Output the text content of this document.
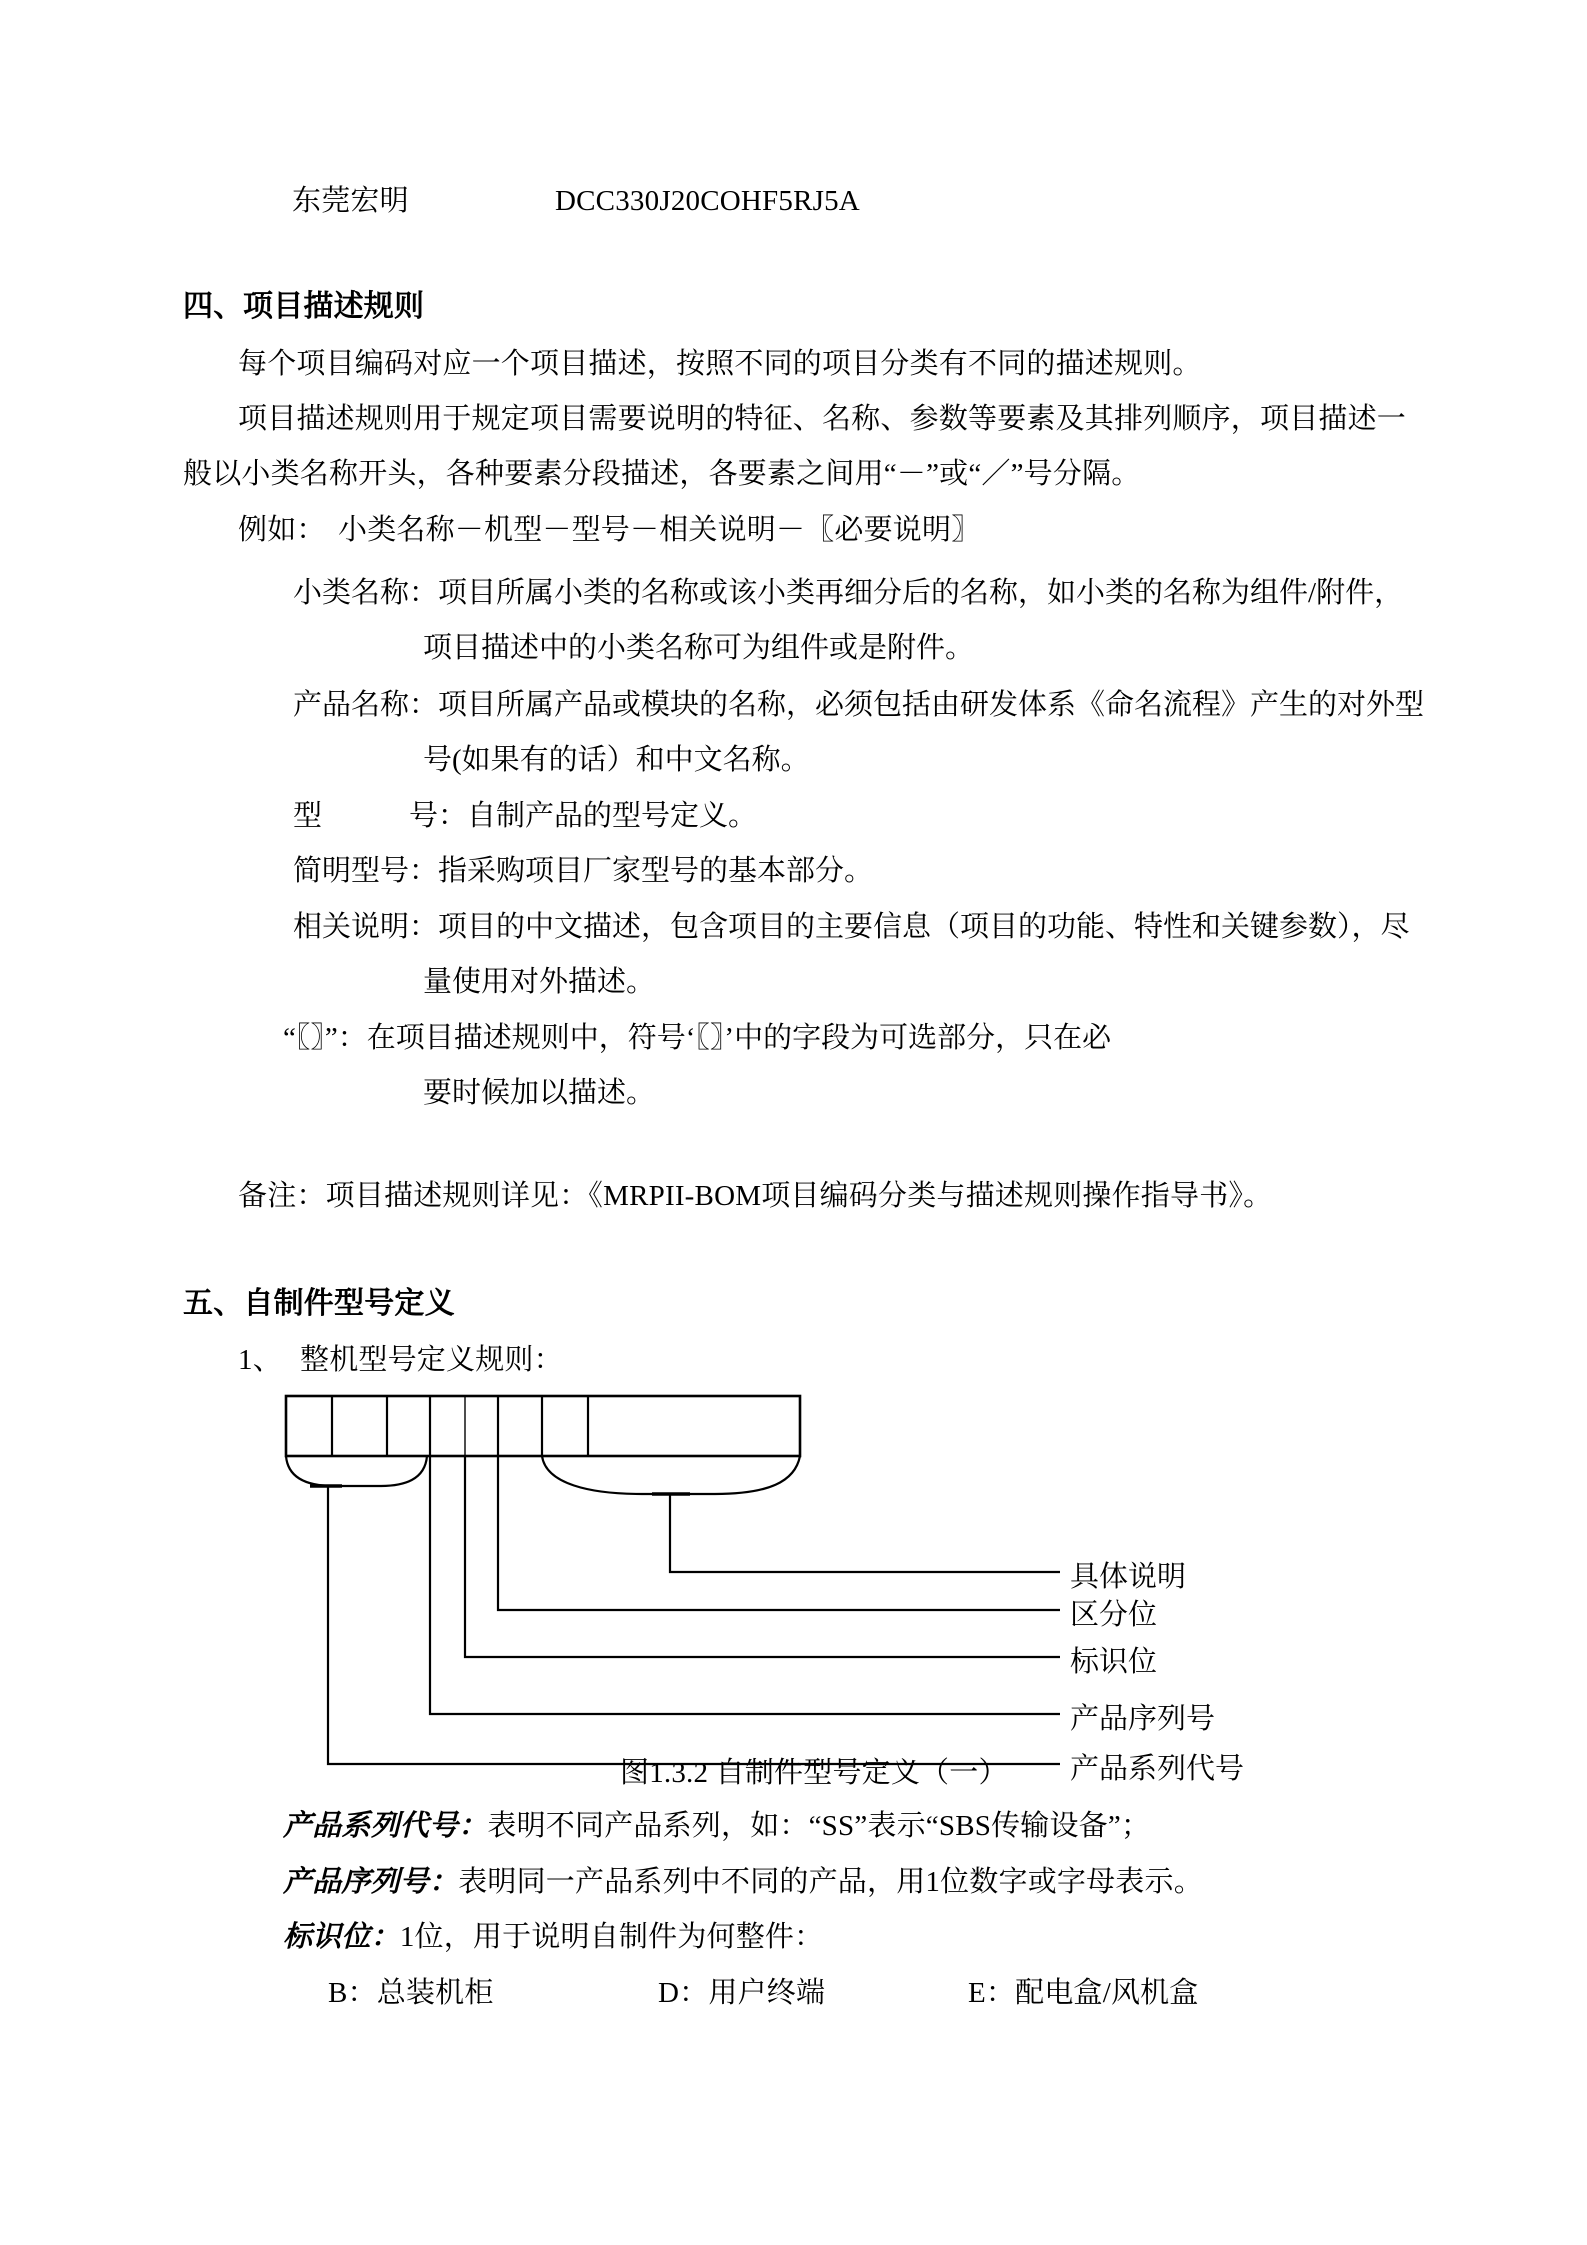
东莞宏明	DCC330J20COHF5RJ5A
四、 项目描述规则
每个项目编码对应一个项目描述，按照不同的项目分类有不同的描述规则。
项目描述规则用于规定项目需要说明的特征、名称、参数等要素及其排列顺序，项目描述一
般以小类名称开头，各种要素分段描述，各要素之间用“－”或“／”号分隔。
例如： 小类名称－机型－型号－相关说明－〖必要说明〗
小类名称：项目所属小类的名称或该小类再细分后的名称，如小类的名称为组件/附件，
项目描述中的小类名称可为组件或是附件。
产品名称：项目所属产品或模块的名称，必须包括由研发体系《命名流程》产生的对外型
号(如果有的话）和中文名称。
型　　　号：自制产品的型号定义。
简明型号：指采购项目厂家型号的基本部分。
相关说明：项目的中文描述，包含项目的主要信息（项目的功能、特性和关键参数），尽
量使用对外描述。
“〖〗”：在项目描述规则中，符号‘〖〗’中的字段为可选部分，只在必
要时候加以描述。
备注：项目描述规则详见：《MRPII-BOM项目编码分类与描述规则操作指导书》。
五、自制件型号定义
1、 整机型号定义规则：
具体说明
区分位
标识位
产品序列号
产品系列代号
图1.3.2 自制件型号定义（一）
产品系列代号：表明不同产品系列，如：“SS”表示“SBS传输设备”；
产品序列号：表明同一产品系列中不同的产品，用1位数字或字母表示。
标识位：1位，用于说明自制件为何整件：
B：总装机柜	D：用户终端	E：配电盒/风机盒
